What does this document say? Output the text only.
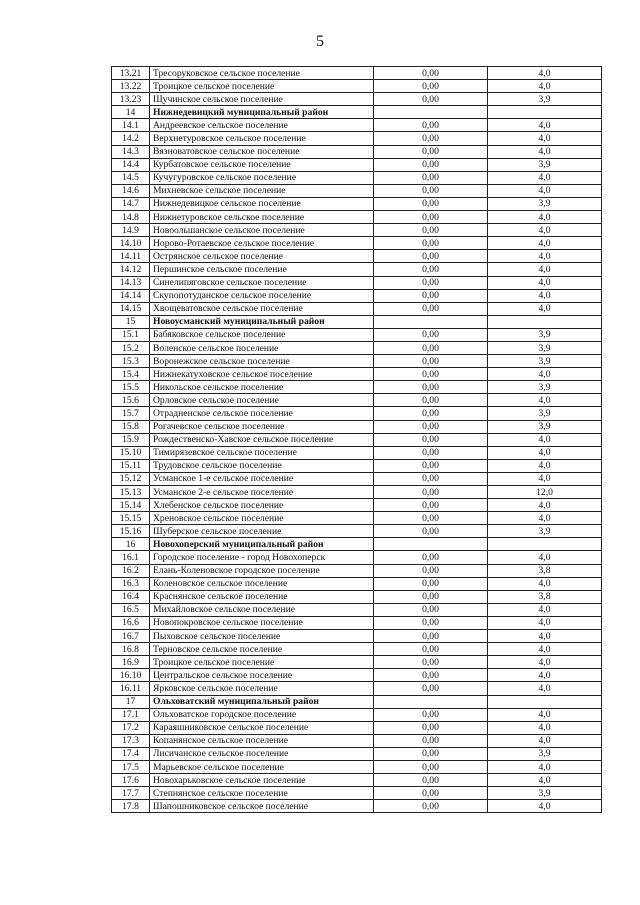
5
13.21	Тресоруковское сельское поселение	0,00	4,0
13.22	Троицкое сельское поселение	0,00	4,0
13.23	Щучинское сельское поселение	0,00	3,9
14	Нижнедевицкий муниципальный район		
14.1	Андреевское сельское поселение	0,00	4,0
14.2	Верхнетуровское сельское поселение	0,00	4,0
14.3	Вязноватовское сельское поселение	0,00	4,0
14.4	Курбатовское сельское поселение	0,00	3,9
14.5	Кучугуровское сельское поселение	0,00	4,0
14.6	Михневское сельское поселение	0,00	4,0
14.7	Нижнедевицкое сельское поселение	0,00	3,9
14.8	Нижнетуровское сельское поселение	0,00	4,0
14.9	Новоольшанское сельское поселение	0,00	4,0
14.10	Норово-Ротаевское сельское поселение	0,00	4,0
14.11	Острянское сельское поселение	0,00	4,0
14.12	Першинское сельское поселение	0,00	4,0
14.13	Синелипяговское сельское поселение	0,00	4,0
14.14	Скупопотуданское сельское поселение	0,00	4,0
14.15	Хвощеватовское сельское поселение	0,00	4,0
15	Новоусманский муниципальный район		
15.1	Бабяковское сельское поселение	0,00	3,9
15.2	Воленское сельское поселение	0,00	3,9
15.3	Воронежское сельское поселение	0,00	3,9
15.4	Нижнекатуховское сельское поселение	0,00	4,0
15.5	Никольское сельское поселение	0,00	3,9
15.6	Орловское сельское поселение	0,00	4,0
15.7	Отрадненское сельское поселение	0,00	3,9
15.8	Рогачевское сельское поселение	0,00	3,9
15.9	Рождественско-Хавское сельское поселение	0,00	4,0
15.10	Тимирязевское сельское поселение	0,00	4,0
15.11	Трудовское сельское поселение	0,00	4,0
15.12	Усманское 1-е сельское поселение	0,00	4,0
15.13	Усманское 2-е сельское поселение	0,00	12,0
15.14	Хлебенское сельское поселение	0,00	4,0
15.15	Хреновское сельское поселение	0,00	4,0
15.16	Шуберское сельское поселение	0,00	3,9
16	Новохоперский муниципальный район		
16.1	Городское поселение - город Новохоперск	0,00	4,0
16.2	Елань-Коленовское городское поселение	0,00	3,8
16.3	Коленовское сельское поселение	0,00	4,0
16.4	Краснянское сельское поселение	0,00	3,8
16.5	Михайловское сельское поселение	0,00	4,0
16.6	Новопокровское сельское поселение	0,00	4,0
16.7	Пыховское сельское поселение	0,00	4,0
16.8	Терновское сельское поселение	0,00	4,0
16.9	Троицкое сельское поселение	0,00	4,0
16.10	Центральское сельское поселение	0,00	4,0
16.11	Ярковское сельское поселение	0,00	4,0
17	Ольховатский муниципальный район		
17.1	Ольховатское городское поселение	0,00	4,0
17.2	Караяшниковское сельское поселение	0,00	4,0
17.3	Копанянское сельское поселение	0,00	4,0
17.4	Лисичанское сельское поселение	0,00	3,9
17.5	Марьевское сельское поселение	0,00	4,0
17.6	Новохарьковское сельское поселение	0,00	4,0
17.7	Степнянское сельское поселение	0,00	3,9
17.8	Шапошниковское сельское поселение	0,00	4,0
